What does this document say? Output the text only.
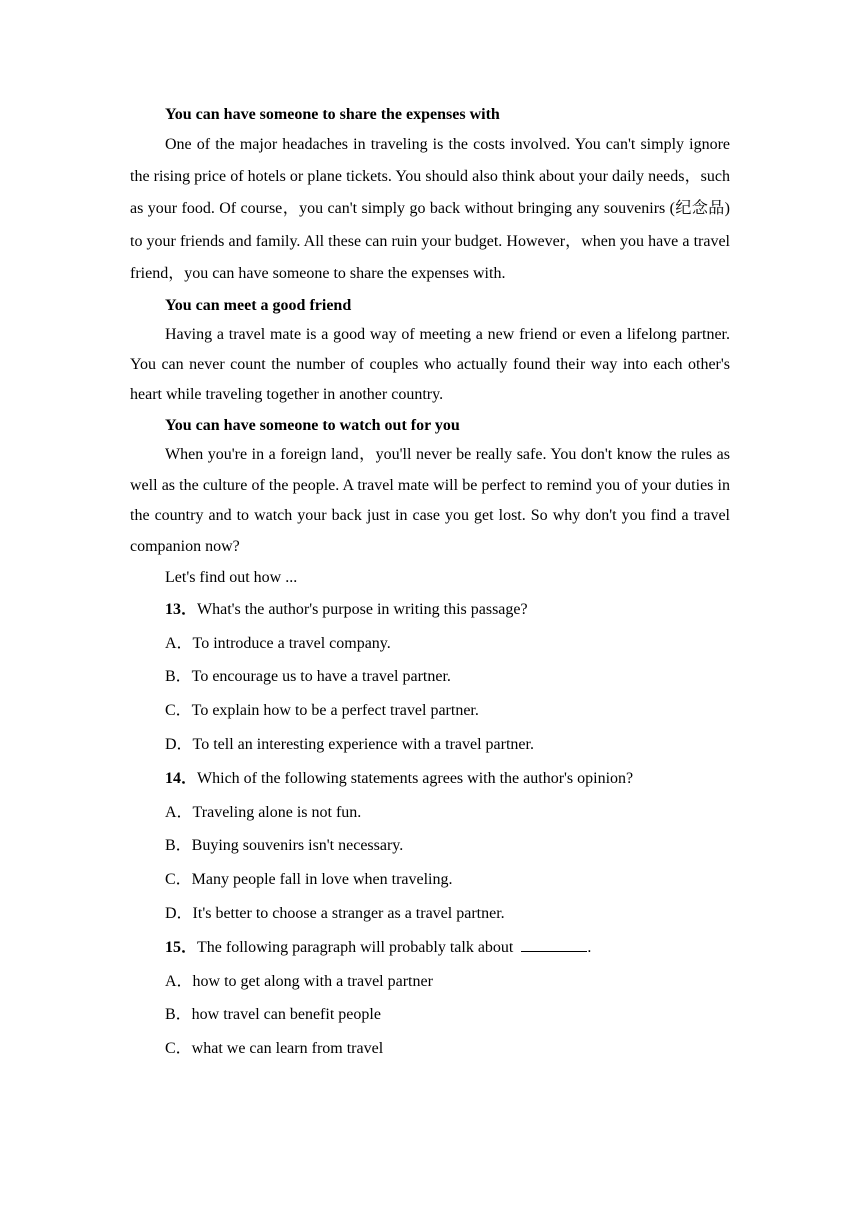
You can have someone to share the expenses with

One of the major headaches in traveling is the costs involved. You can't simply ignore the rising price of hotels or plane tickets. You should also think about your daily needs，such as your food. Of course，you can't simply go back without bringing any souvenirs (纪念品) to your friends and family. All these can ruin your budget. However，when you have a travel friend，you can have someone to share the expenses with.

You can meet a good friend

Having a travel mate is a good way of meeting a new friend or even a lifelong partner. You can never count the number of couples who actually found their way into each other's heart while traveling together in another country.

You can have someone to watch out for you

When you're in a foreign land，you'll never be really safe. You don't know the rules as well as the culture of the people. A travel mate will be perfect to remind you of your duties in the country and to watch your back just in case you get lost. So why don't you find a travel companion now?

Let's find out how ...

13．What's the author's purpose in writing this passage?

A．To introduce a travel company.

B．To encourage us to have a travel partner.

C．To explain how to be a perfect travel partner.

D．To tell an interesting experience with a travel partner.

14．Which of the following statements agrees with the author's opinion?

A．Traveling alone is not fun.

B．Buying souvenirs isn't necessary.

C．Many people fall in love when traveling.

D．It's better to choose a stranger as a travel partner.

15．The following paragraph will probably talk about	.

A．how to get along with a travel partner

B．how travel can benefit people

C．what we can learn from travel
